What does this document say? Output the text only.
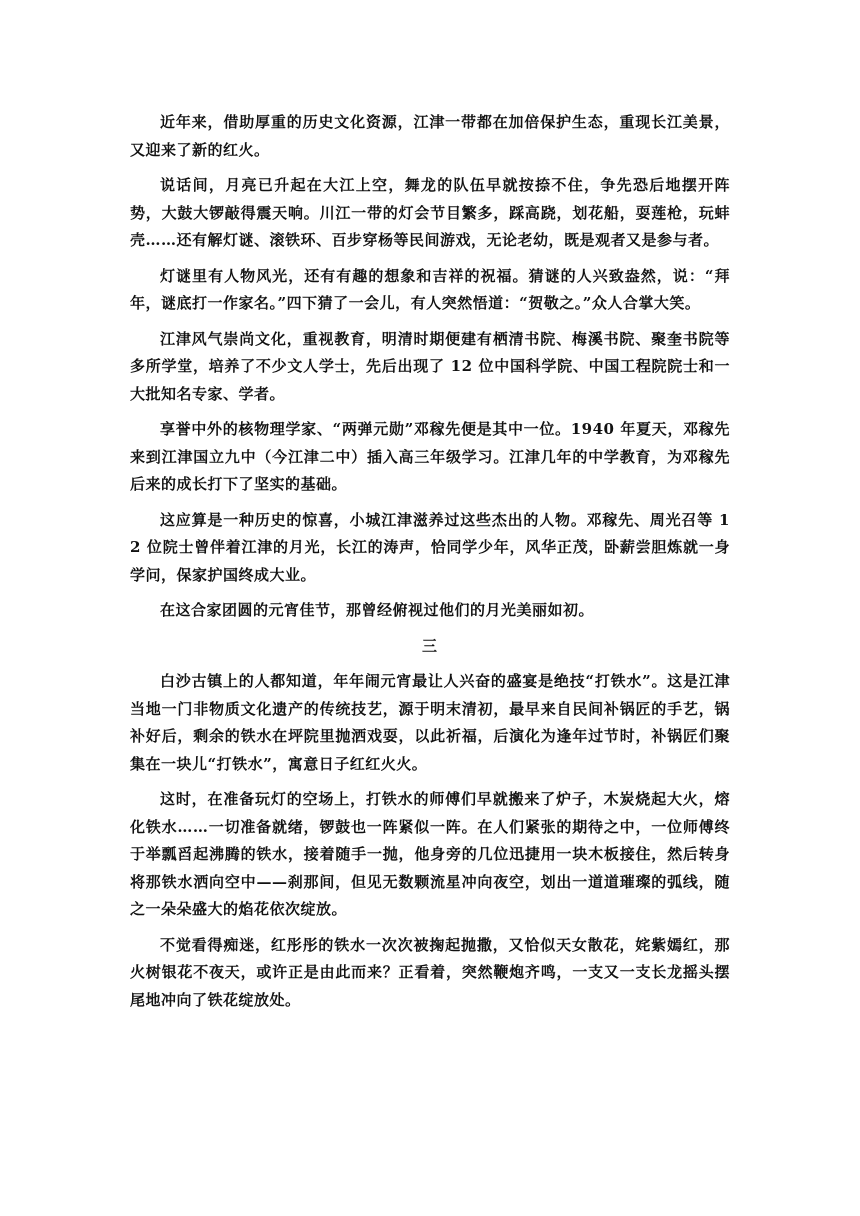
近年来，借助厚重的历史文化资源，江津一带都在加倍保护生态，重现长江美景，又迎来了新的红火。

说话间，月亮已升起在大江上空，舞龙的队伍早就按捺不住，争先恐后地摆开阵势，大鼓大锣敲得震天响。川江一带的灯会节目繁多，踩高跷，划花船，耍莲枪，玩蚌壳……还有解灯谜、滚铁环、百步穿杨等民间游戏，无论老幼，既是观者又是参与者。

灯谜里有人物风光，还有有趣的想象和吉祥的祝福。猜谜的人兴致盎然，说：“拜年，谜底打一作家名。”四下猜了一会儿，有人突然悟道：“贺敬之。”众人合掌大笑。

江津风气崇尚文化，重视教育，明清时期便建有栖清书院、梅溪书院、聚奎书院等多所学堂，培养了不少文人学士，先后出现了 12 位中国科学院、中国工程院院士和一大批知名专家、学者。

享誉中外的核物理学家、“两弹元勋”邓稼先便是其中一位。1940 年夏天，邓稼先来到江津国立九中（今江津二中）插入高三年级学习。江津几年的中学教育，为邓稼先后来的成长打下了坚实的基础。

这应算是一种历史的惊喜，小城江津滋养过这些杰出的人物。邓稼先、周光召等 12 位院士曾伴着江津的月光，长江的涛声，恰同学少年，风华正茂，卧薪尝胆炼就一身学问，保家护国终成大业。

在这合家团圆的元宵佳节，那曾经俯视过他们的月光美丽如初。

三

白沙古镇上的人都知道，年年闹元宵最让人兴奋的盛宴是绝技“打铁水”。这是江津当地一门非物质文化遗产的传统技艺，源于明末清初，最早来自民间补锅匠的手艺，锅补好后，剩余的铁水在坪院里抛洒戏耍，以此祈福，后演化为逢年过节时，补锅匠们聚集在一块儿“打铁水”，寓意日子红红火火。

这时，在准备玩灯的空场上，打铁水的师傅们早就搬来了炉子，木炭烧起大火，熔化铁水……一切准备就绪，锣鼓也一阵紧似一阵。在人们紧张的期待之中，一位师傅终于举瓢舀起沸腾的铁水，接着随手一抛，他身旁的几位迅捷用一块木板接住，然后转身将那铁水洒向空中——刹那间，但见无数颗流星冲向夜空，划出一道道璀璨的弧线，随之一朵朵盛大的焰花依次绽放。

不觉看得痴迷，红彤彤的铁水一次次被掬起抛撒，又恰似天女散花，姹紫嫣红，那火树银花不夜天，或许正是由此而来？正看着，突然鞭炮齐鸣，一支又一支长龙摇头摆尾地冲向了铁花绽放处。
